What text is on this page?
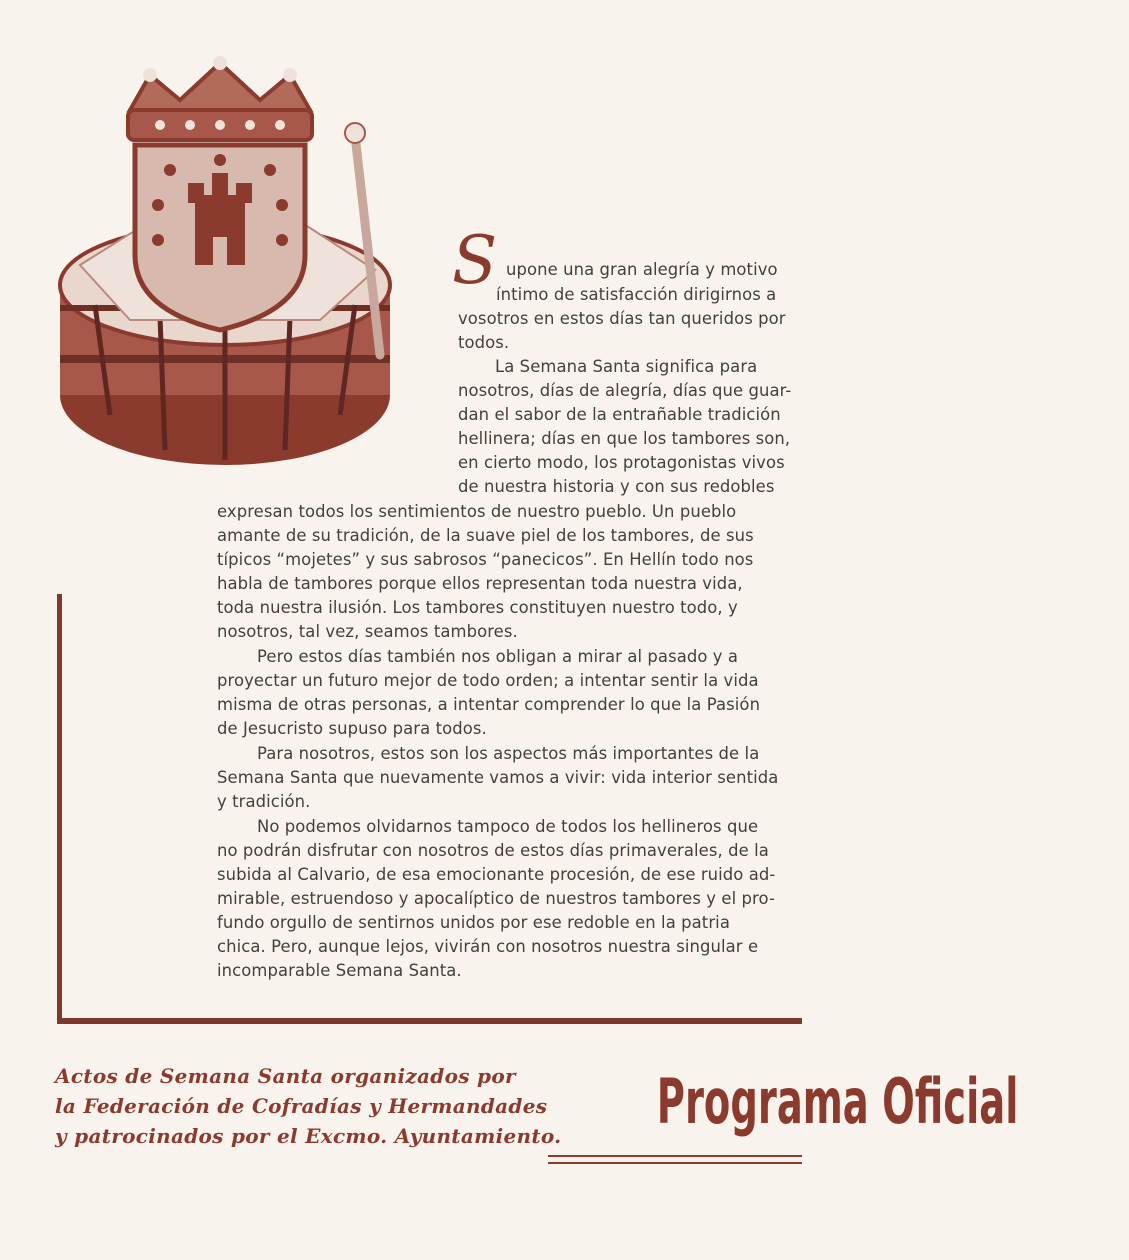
S upone una gran alegría y motivo
íntimo de satisfacción dirigirnos a
vosotros en estos días tan queridos por
todos.
La Semana Santa significa para
nosotros, días de alegría, días que guar-
dan el sabor de la entrañable tradición
hellinera; días en que los tambores son,
en cierto modo, los protagonistas vivos
de nuestra historia y con sus redobles
expresan todos los sentimientos de nuestro pueblo. Un pueblo
amante de su tradición, de la suave piel de los tambores, de sus
típicos “mojetes” y sus sabrosos “panecicos”. En Hellín todo nos
habla de tambores porque ellos representan toda nuestra vida,
toda nuestra ilusión. Los tambores constituyen nuestro todo, y
nosotros, tal vez, seamos tambores.
Pero estos días también nos obligan a mirar al pasado y a
proyectar un futuro mejor de todo orden; a intentar sentir la vida
misma de otras personas, a intentar comprender lo que la Pasión
de Jesucristo supuso para todos.
Para nosotros, estos son los aspectos más importantes de la
Semana Santa que nuevamente vamos a vivir: vida interior sentida
y tradición.
No podemos olvidarnos tampoco de todos los hellineros que
no podrán disfrutar con nosotros de estos días primaverales, de la
subida al Calvario, de esa emocionante procesión, de ese ruido ad-
mirable, estruendoso y apocalíptico de nuestros tambores y el pro-
fundo orgullo de sentirnos unidos por ese redoble en la patria
chica. Pero, aunque lejos, vivirán con nosotros nuestra singular e
incomparable Semana Santa.
Actos de Semana Santa organizados por
la Federación de Cofradías y Hermandades
y patrocinados por el Excmo. Ayuntamiento.	Programa Oficial
